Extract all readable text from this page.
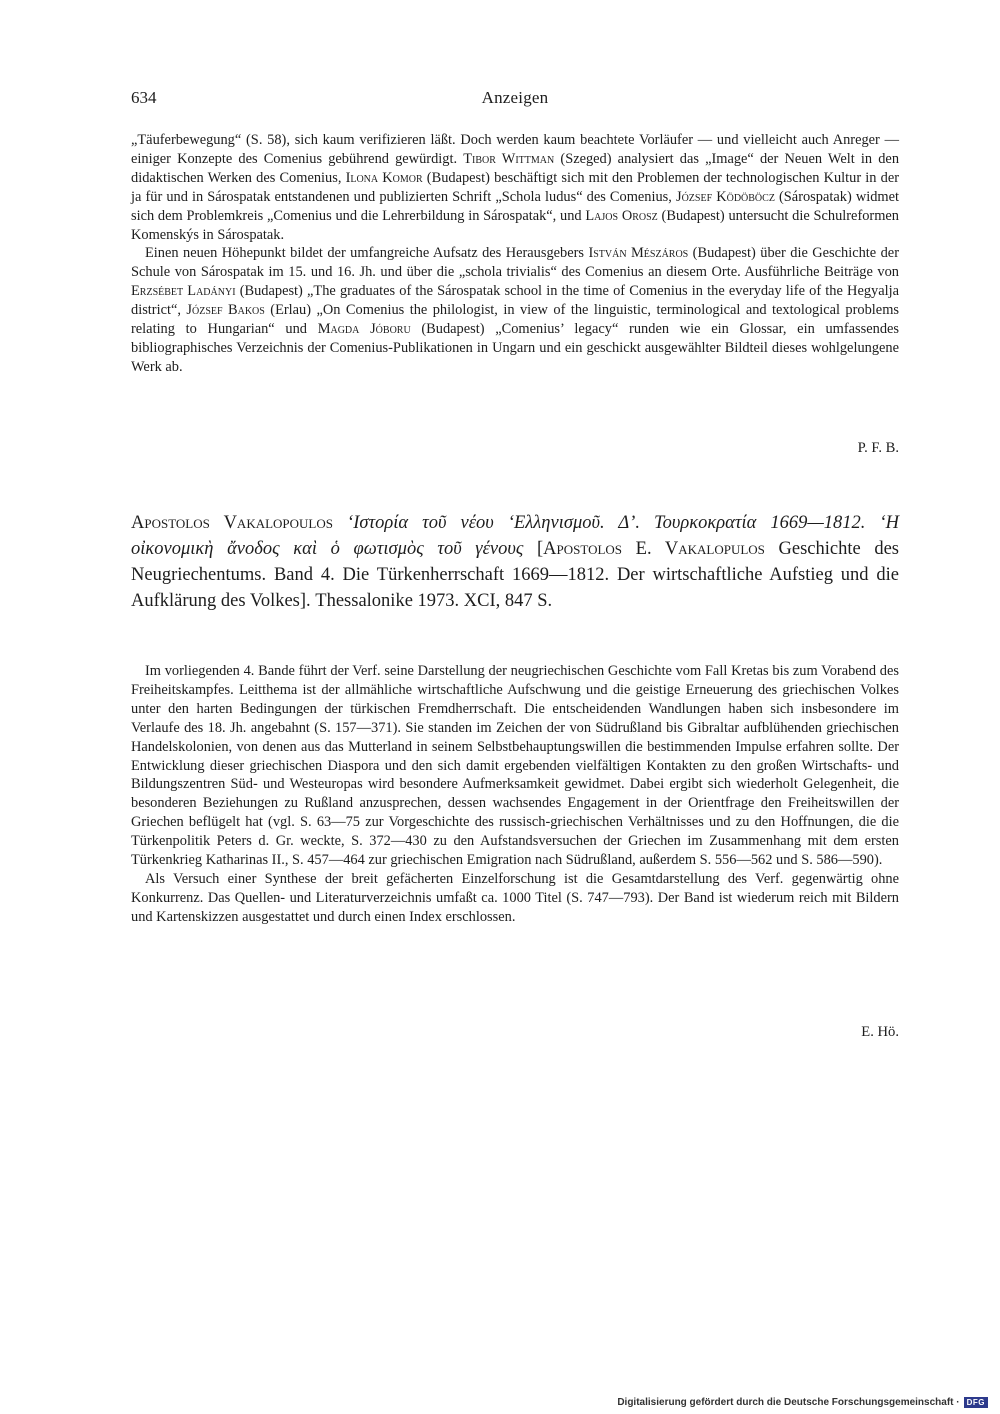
634	Anzeigen

„Täuferbewegung“ (S. 58), sich kaum verifizieren läßt. Doch werden kaum beachtete Vorläufer — und vielleicht auch Anreger — einiger Konzepte des Comenius gebührend gewürdigt. Tibor Wittman (Szeged) analysiert das „Image“ der Neuen Welt in den didaktischen Werken des Comenius, Ilona Komor (Budapest) beschäftigt sich mit den Problemen der technologischen Kultur in der ja für und in Sárospatak entstandenen und publizierten Schrift „Schola ludus“ des Comenius, József Ködöböcz (Sárospatak) widmet sich dem Problemkreis „Comenius und die Lehrerbildung in Sárospatak“, und Lajos Orosz (Budapest) untersucht die Schulreformen Komenskýs in Sárospatak.

Einen neuen Höhepunkt bildet der umfangreiche Aufsatz des Herausgebers István Mészáros (Budapest) über die Geschichte der Schule von Sárospatak im 15. und 16. Jh. und über die „schola trivialis“ des Comenius an diesem Orte. Ausführliche Beiträge von Erzsébet Ladányi (Budapest) „The graduates of the Sárospatak school in the time of Comenius in the everyday life of the Hegyalja district“, József Bakos (Erlau) „On Comenius the philologist, in view of the linguistic, terminological and textological problems relating to Hungarian“ und Magda Jóboru (Budapest) „Comenius’ legacy“ runden wie ein Glossar, ein umfassendes bibliographisches Verzeichnis der Comenius-Publikationen in Ungarn und ein geschickt ausgewählter Bildteil dieses wohlgelungene Werk ab.

P. F. B.

Apostolos Vakalopoulos ‘Ιστορία τοῦ νέου ‘Ελληνισμοῦ. Δ’. Τουρκοκρατία 1669—1812. ‘Η οἰκονομικὴ ἄνοδος καὶ ὁ φωτισμὸς τοῦ γένους [Apostolos E. Vakalopulos Geschichte des Neugriechentums. Band 4. Die Türkenherrschaft 1669—1812. Der wirtschaftliche Aufstieg und die Aufklärung des Volkes]. Thessalonike 1973. XCI, 847 S.

Im vorliegenden 4. Bande führt der Verf. seine Darstellung der neugriechischen Geschichte vom Fall Kretas bis zum Vorabend des Freiheitskampfes. Leitthema ist der allmähliche wirtschaftliche Aufschwung und die geistige Erneuerung des griechischen Volkes unter den harten Bedingungen der türkischen Fremdherrschaft. Die entscheidenden Wandlungen haben sich insbesondere im Verlaufe des 18. Jh. angebahnt (S. 157—371). Sie standen im Zeichen der von Südrußland bis Gibraltar aufblühenden griechischen Handelskolonien, von denen aus das Mutterland in seinem Selbstbehauptungswillen die bestimmenden Impulse erfahren sollte. Der Entwicklung dieser griechischen Diaspora und den sich damit ergebenden vielfältigen Kontakten zu den großen Wirtschafts- und Bildungszentren Süd- und Westeuropas wird besondere Aufmerksamkeit gewidmet. Dabei ergibt sich wiederholt Gelegenheit, die besonderen Beziehungen zu Rußland anzusprechen, dessen wachsendes Engagement in der Orientfrage den Freiheitswillen der Griechen beflügelt hat (vgl. S. 63—75 zur Vorgeschichte des russisch-griechischen Verhältnisses und zu den Hoffnungen, die die Türkenpolitik Peters d. Gr. weckte, S. 372—430 zu den Aufstandsversuchen der Griechen im Zusammenhang mit dem ersten Türkenkrieg Katharinas II., S. 457—464 zur griechischen Emigration nach Südrußland, außerdem S. 556—562 und S. 586—590).

Als Versuch einer Synthese der breit gefächerten Einzelforschung ist die Gesamtdarstellung des Verf. gegenwärtig ohne Konkurrenz. Das Quellen- und Literaturverzeichnis umfaßt ca. 1000 Titel (S. 747—793). Der Band ist wiederum reich mit Bildern und Kartenskizzen ausgestattet und durch einen Index erschlossen.

E. Hö.

Digitalisierung gefördert durch die Deutsche Forschungsgemeinschaft · DFG
